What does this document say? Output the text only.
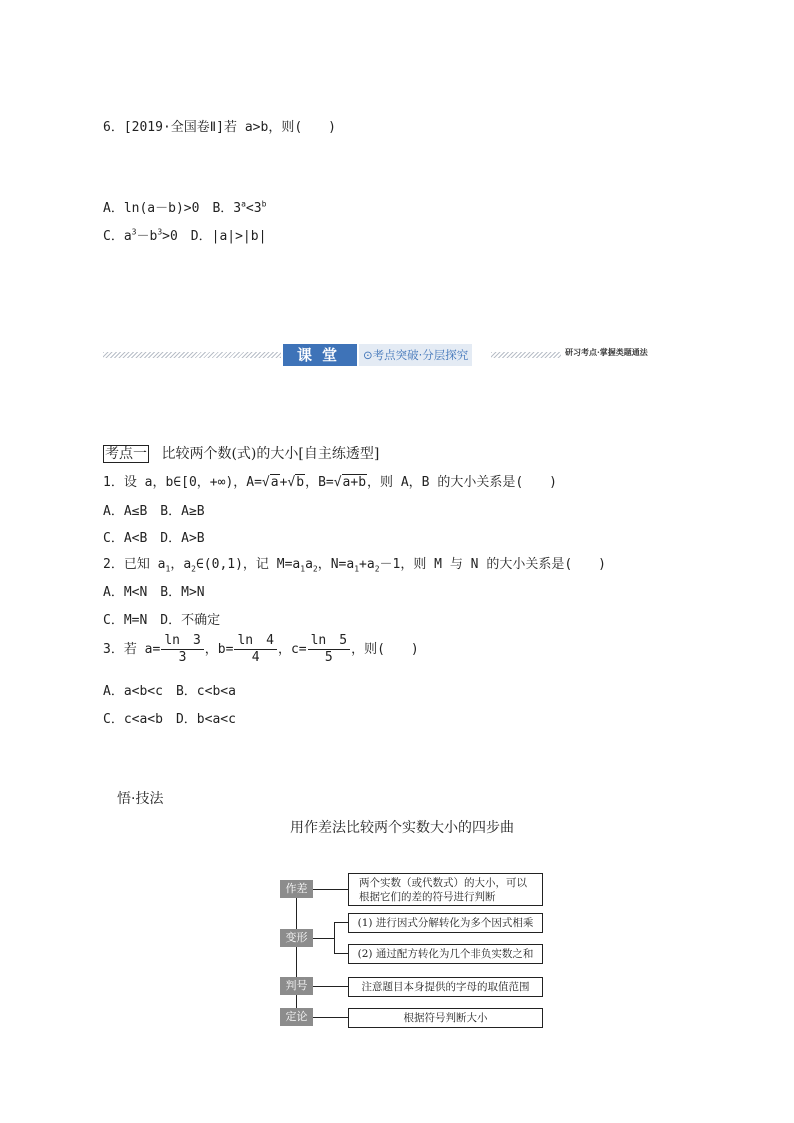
6．[2019·全国卷Ⅱ]若 a>b，则(　　)
A．ln(a－b)>0　B．$3^a<3^b$
C．$a^3-b^3>0$　D．|a|>|b|
课堂	⊙考点突破·分层探究	研习考点·掌握类题通法
考点一 比较两个数(式)的大小[自主练透型]
1．设 a，b∈[0，+∞)，A=√a+√b，B=√a+b，则 A，B 的大小关系是(　　)
A．A≤B　B．A≥B
C．A<B　D．A>B
2．已知 $a_1$，$a_2\in(0,1)$，记 $M=a_1a_2$，$N=a_1+a_2-1$，则 M 与 N 的大小关系是(　　)
A．M<N　B．M>N
C．M=N　D．不确定
3．若 $a= \frac{\ln 3}{3}$ ，$b= \frac{\ln 4}{4}$ ，$c= \frac{\ln 5}{5}$ ，则(　　)
A．a<b<c　B．c<b<a
C．c<a<b　D．b<a<c
悟·技法
用作差法比较两个实数大小的四步曲
作差
变形
判号
定论
两个实数（或代数式）的大小，可以
根据它们的差的符号进行判断
(1) 进行因式分解转化为多个因式相乘
(2) 通过配方转化为几个非负实数之和
注意题目本身提供的字母的取值范围
根据符号判断大小
